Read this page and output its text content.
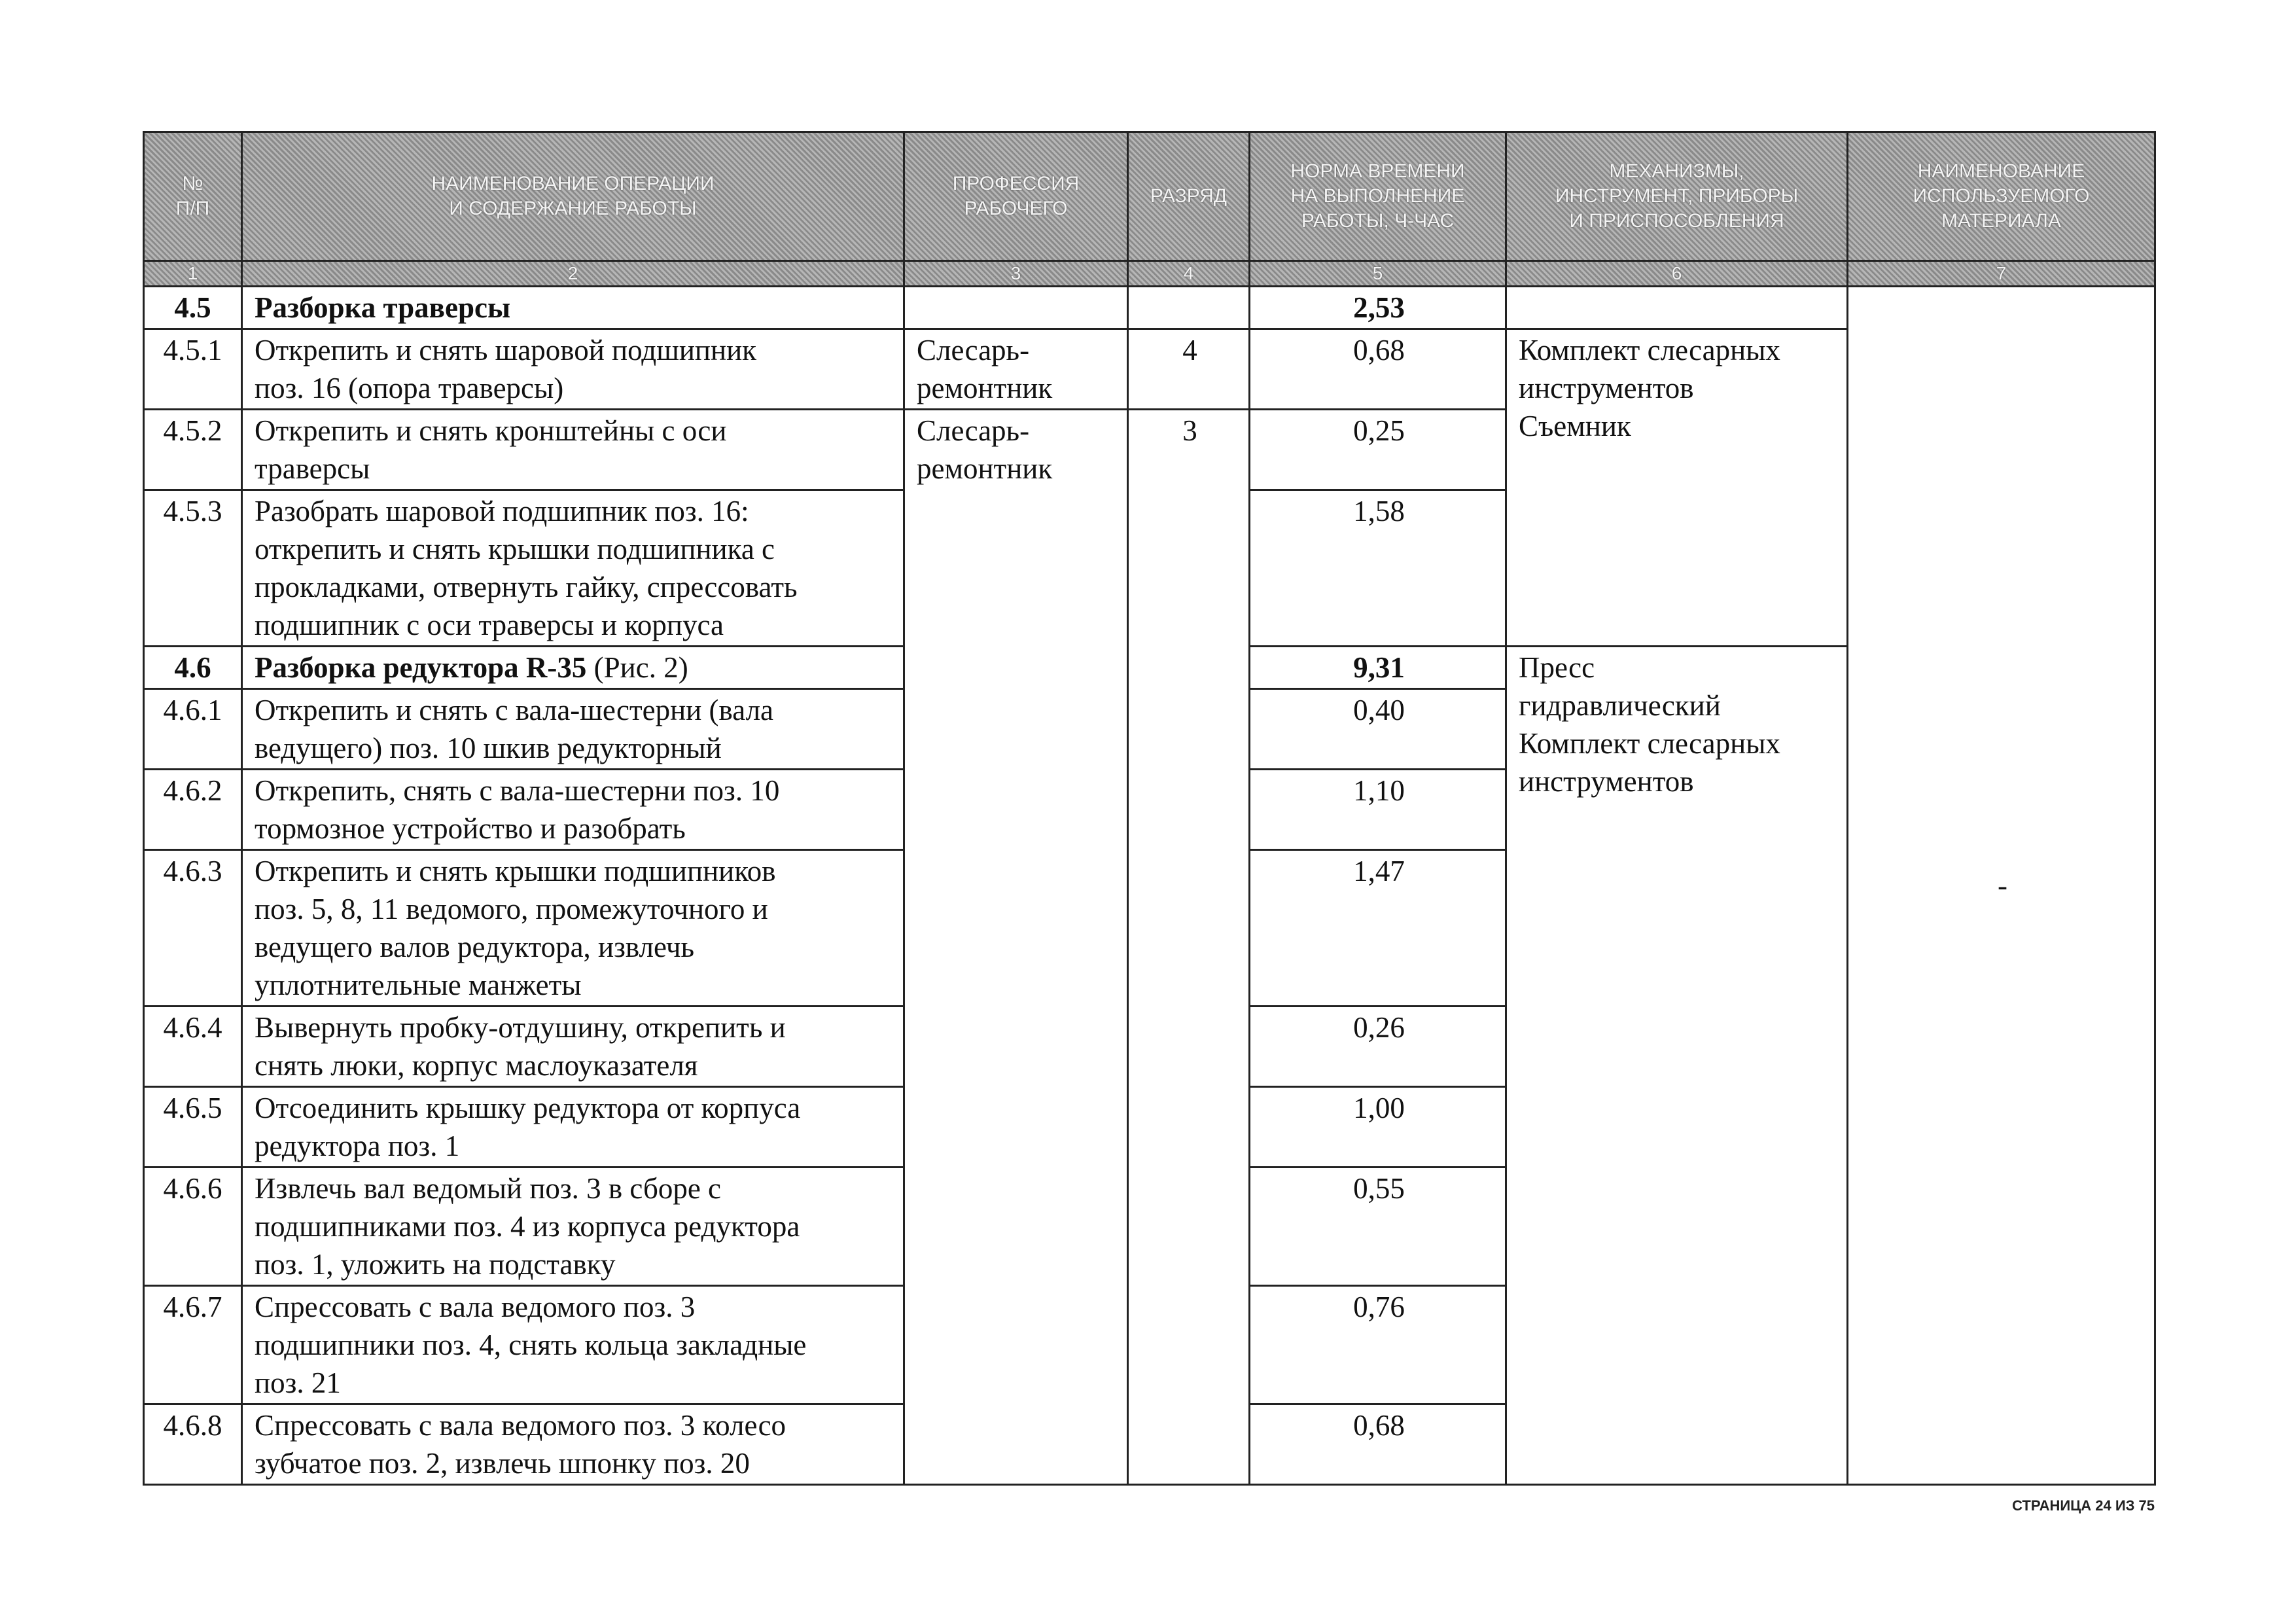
№
П/П	НАИМЕНОВАНИЕ ОПЕРАЦИИ
И СОДЕРЖАНИЕ РАБОТЫ	ПРОФЕССИЯ
РАБОЧЕГО	РАЗРЯД	НОРМА ВРЕМЕНИ
НА ВЫПОЛНЕНИЕ
РАБОТЫ, Ч-ЧАС	МЕХАНИЗМЫ,
ИНСТРУМЕНТ, ПРИБОРЫ
И ПРИСПОСОБЛЕНИЯ	НАИМЕНОВАНИЕ
ИСПОЛЬЗУЕМОГО
МАТЕРИАЛА
1	2	3	4	5	6	7
4.5	Разборка траверсы			2,53		-
4.5.1	Открепить и снять шаровой подшипник
поз. 16 (опора траверсы)	Слесарь-
ремонтник	4	0,68	Комплект слесарных
инструментов
Съемник	
4.5.2	Открепить и снять кронштейны с оси
траверсы	Слесарь-
ремонтник	3	0,25		
4.5.3	Разобрать шаровой подшипник поз. 16:
открепить и снять крышки подшипника с
прокладками, отвернуть гайку, спрессовать
подшипник с оси траверсы и корпуса			1,58		
4.6	Разборка редуктора R-35 (Рис. 2)			9,31	Пресс
гидравлический
Комплект слесарных
инструментов	
4.6.1	Открепить и снять с вала-шестерни (вала
ведущего) поз. 10 шкив редукторный			0,40		
4.6.2	Открепить, снять с вала-шестерни поз. 10
тормозное устройство и разобрать			1,10		
4.6.3	Открепить и снять крышки подшипников
поз. 5, 8, 11 ведомого, промежуточного и
ведущего валов редуктора, извлечь
уплотнительные манжеты			1,47		
4.6.4	Вывернуть пробку-отдушину, открепить и
снять люки, корпус маслоуказателя			0,26		
4.6.5	Отсоединить крышку редуктора от корпуса
редуктора поз. 1			1,00		
4.6.6	Извлечь вал ведомый поз. 3 в сборе с
подшипниками поз. 4 из корпуса редуктора
поз. 1, уложить на подставку			0,55		
4.6.7	Спрессовать с вала ведомого поз. 3
подшипники поз. 4, снять кольца закладные
поз. 21			0,76		
4.6.8	Спрессовать с вала ведомого поз. 3 колесо
зубчатое поз. 2, извлечь шпонку поз. 20			0,68		
СТРАНИЦА 24 ИЗ 75
